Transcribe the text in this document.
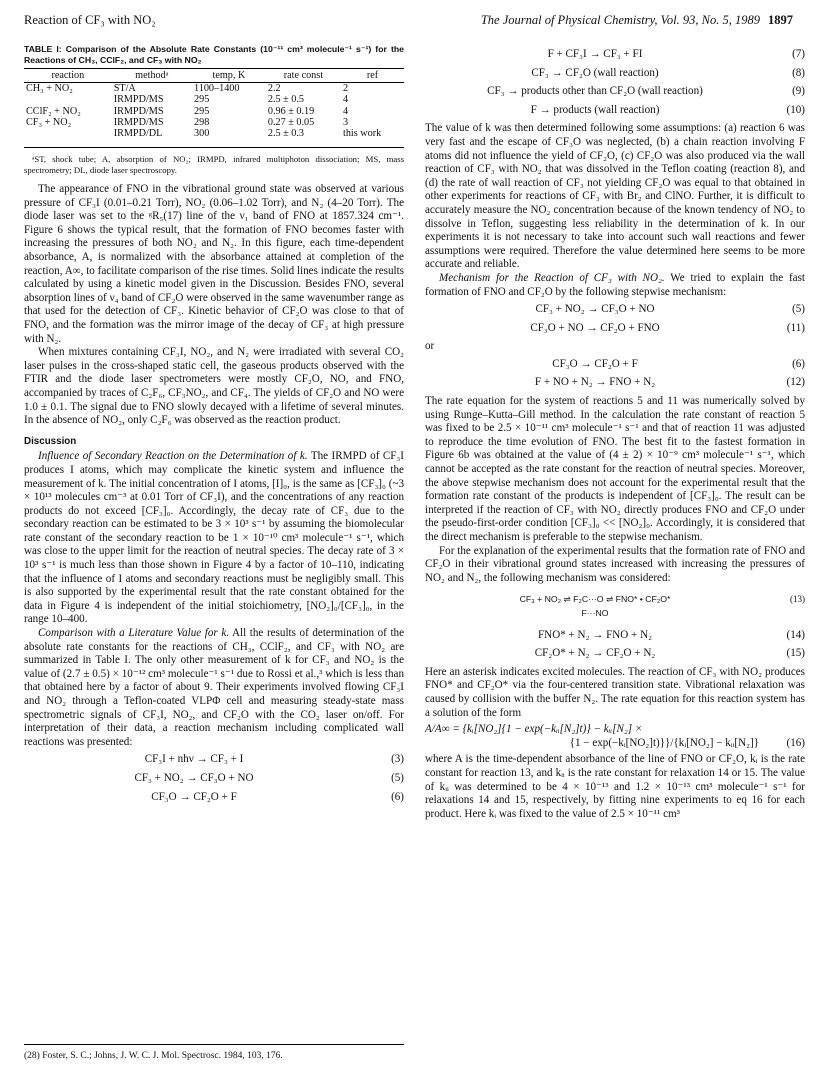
Reaction of CF₃ with NO₂	The Journal of Physical Chemistry, Vol. 93, No. 5, 1989 1897

TABLE I: Comparison of the Absolute Rate Constants (10⁻¹¹ cm³ molecule⁻¹ s⁻¹) for the Reactions of CH₃, CClF₂, and CF₃ with NO₂

reaction	methodᵃ	temp, K	rate const	ref
CH₃ + NO₂	ST/A	1100–1400	2.2	2
	IRMPD/MS	295	2.5 ± 0.5	4
CClF₂ + NO₂	IRMPD/MS	295	0.96 ± 0.19	4
CF₃ + NO₂	IRMPD/MS	298	0.27 ± 0.05	3
	IRMPD/DL	300	2.5 ± 0.3	this work

ᵃST, shock tube; A, absorption of NO₂; IRMPD, infrared multiphoton dissociation; MS, mass spectrometry; DL, diode laser spectroscopy.

The appearance of FNO in the vibrational ground state was observed at various pressure of CF₃I (0.01–0.21 Torr), NO₂ (0.06–1.02 Torr), and N₂ (4–20 Torr). The diode laser was set to the ᵍR₅(17) line of the ν₁ band of FNO at 1857.324 cm⁻¹. Figure 6 shows the typical result, that the formation of FNO becomes faster with increasing the pressures of both NO₂ and N₂. In this figure, each time-dependent absorbance, A, is normalized with the absorbance attained at completion of the reaction, A∞, to facilitate comparison of the rise times. Solid lines indicate the results calculated by using a kinetic model given in the Discussion. Besides FNO, several absorption lines of ν₄ band of CF₂O were observed in the same wavenumber range as that used for the detection of CF₃. Kinetic behavior of CF₂O was close to that of FNO, and the formation was the mirror image of the decay of CF₃ at high pressure with N₂.

When mixtures containing CF₃I, NO₂, and N₂ were irradiated with several CO₂ laser pulses in the cross-shaped static cell, the gaseous products observed with the FTIR and the diode laser spectrometers were mostly CF₂O, NO, and FNO, accompanied by traces of C₂F₆, CF₃NO₂, and CF₄. The yields of CF₂O and NO were 1.0 ± 0.1. The signal due to FNO slowly decayed with a lifetime of several minutes. In the absence of NO₂, only C₂F₆ was observed as the reaction product.

Discussion

Influence of Secondary Reaction on the Determination of k. The IRMPD of CF₃I produces I atoms, which may complicate the kinetic system and influence the measurement of k. The initial concentration of I atoms, [I]₀, is the same as [CF₃]₀ (~3 × 10¹³ molecules cm⁻³ at 0.01 Torr of CF₃I), and the concentrations of any reaction products do not exceed [CF₃]₀. Accordingly, the decay rate of CF₃ due to the secondary reaction can be estimated to be 3 × 10³ s⁻¹ by assuming the biomolecular rate constant of the secondary reaction to be 1 × 10⁻¹⁰ cm³ molecule⁻¹ s⁻¹, which was close to the upper limit for the reaction of neutral species. The decay rate of 3 × 10³ s⁻¹ is much less than those shown in Figure 4 by a factor of 10–110, indicating that the influence of I atoms and secondary reactions must be negligibly small. This is also supported by the experimental result that the rate constant obtained for the data in Figure 4 is independent of the initial stoichiometry, [NO₂]₀/[CF₃]₀, in the range 10–400.

Comparison with a Literature Value for k. All the results of determination of the absolute rate constants for the reactions of CH₃, CClF₂, and CF₃ with NO₂ are summarized in Table I. The only other measurement of k for CF₃ and NO₂ is the value of (2.7 ± 0.5) × 10⁻¹² cm³ molecule⁻¹ s⁻¹ due to Rossi et al.,³ which is less than that obtained here by a factor of about 9. Their experiments involved flowing CF₃I and NO₂ through a Teflon-coated VLPΦ cell and measuring steady-state mass spectrometric signals of CF₃I, NO₂, and CF₂O with the CO₂ laser on/off. For interpretation of their data, a reaction mechanism including complicated wall reactions was presented:

CF₃I + nhν → CF₃ + I	(3)
CF₃ + NO₂ → CF₃O + NO	(5)
CF₃O → CF₂O + F	(6)
(28) Foster, S. C.; Johns, J. W. C. J. Mol. Spectrosc. 1984, 103, 176.
F + CF₃I → CF₃ + FI	(7)
CF₃ → CF₂O (wall reaction)	(8)
CF₃ → products other than CF₂O (wall reaction)	(9)
F → products (wall reaction)	(10)

The value of k was then determined following some assumptions: (a) reaction 6 was very fast and the escape of CF₃O was neglected, (b) a chain reaction involving F atoms did not influence the yield of CF₂O, (c) CF₂O was also produced via the wall reaction of CF₃ with NO₂ that was dissolved in the Teflon coating (reaction 8), and (d) the rate of wall reaction of CF₃ not yielding CF₂O was equal to that obtained in other experiments for reactions of CF₃ with Br₂ and ClNO. Further, it is difficult to accurately measure the NO₂ concentration because of the known tendency of NO₂ to dissolve in Teflon, suggesting less reliability in the determination of k. In our experiments it is not necessary to take into account such wall reactions and fewer assumptions were required. Therefore the value determined here seems to be more accurate and reliable.

Mechanism for the Reaction of CF₃ with NO₂. We tried to explain the fast formation of FNO and CF₂O by the following stepwise mechanism:

CF₃ + NO₂ → CF₃O + NO	(5)
CF₃O + NO → CF₂O + FNO	(11)

or

CF₃O → CF₂O + F	(6)
F + NO + N₂ → FNO + N₂	(12)

The rate equation for the system of reactions 5 and 11 was numerically solved by using Runge–Kutta–Gill method. In the calculation the rate constant of reaction 5 was fixed to be 2.5 × 10⁻¹¹ cm³ molecule⁻¹ s⁻¹ and that of reaction 11 was adjusted to reproduce the time evolution of FNO. The best fit to the fastest formation in Figure 6b was obtained at the value of (4 ± 2) × 10⁻⁹ cm³ molecule⁻¹ s⁻¹, which cannot be accepted as the rate constant for the reaction of neutral species. Moreover, the above stepwise mechanism does not account for the experimental result that the formation rate constant of the products is independent of [CF₃]₀. The result can be interpreted if the reaction of CF₃ with NO₂ directly produces FNO and CF₂O under the pseudo-first-order condition [CF₃]₀ << [NO₂]₀. Accordingly, it is considered that the direct mechanism is preferable to the stepwise mechanism.

For the explanation of the experimental results that the formation rate of FNO and CF₂O in their vibrational ground states increased with increasing the pressures of NO₂ and N₂, the following mechanism was considered:

CF₃ + NO₂ ⇌ F₂C···O ⇌ FNO* • CF₂O*
F···NO
(13)
FNO* + N₂ → FNO + N₂	(14)
CF₂O* + N₂ → CF₂O + N₂	(15)

Here an asterisk indicates excited molecules. The reaction of CF₃ with NO₂ produces FNO* and CF₂O* via the four-centered transition state. Vibrational relaxation was caused by collision with the buffer N₂. The rate equation for this reaction system has a solution of the form

A/A∞ = {kᵢ[NO₂]{1 − exp(−kᵢᵢ[N₂]t)} − kᵢᵢ[N₂] ×
{1 − exp(−kᵢ[NO₂]t)}}/{kᵢ[NO₂] − kᵢᵢ[N₂]}	(16)

where A is the time-dependent absorbance of the line of FNO or CF₂O, kᵢ is the rate constant for reaction 13, and kᵢᵢ is the rate constant for relaxation 14 or 15. The value of kᵢᵢ was determined to be 4 × 10⁻¹³ and 1.2 × 10⁻¹³ cm³ molecule⁻¹ s⁻¹ for relaxations 14 and 15, respectively, by fitting nine experiments to eq 16 for each product. Here kᵢ was fixed to the value of 2.5 × 10⁻¹¹ cm³
